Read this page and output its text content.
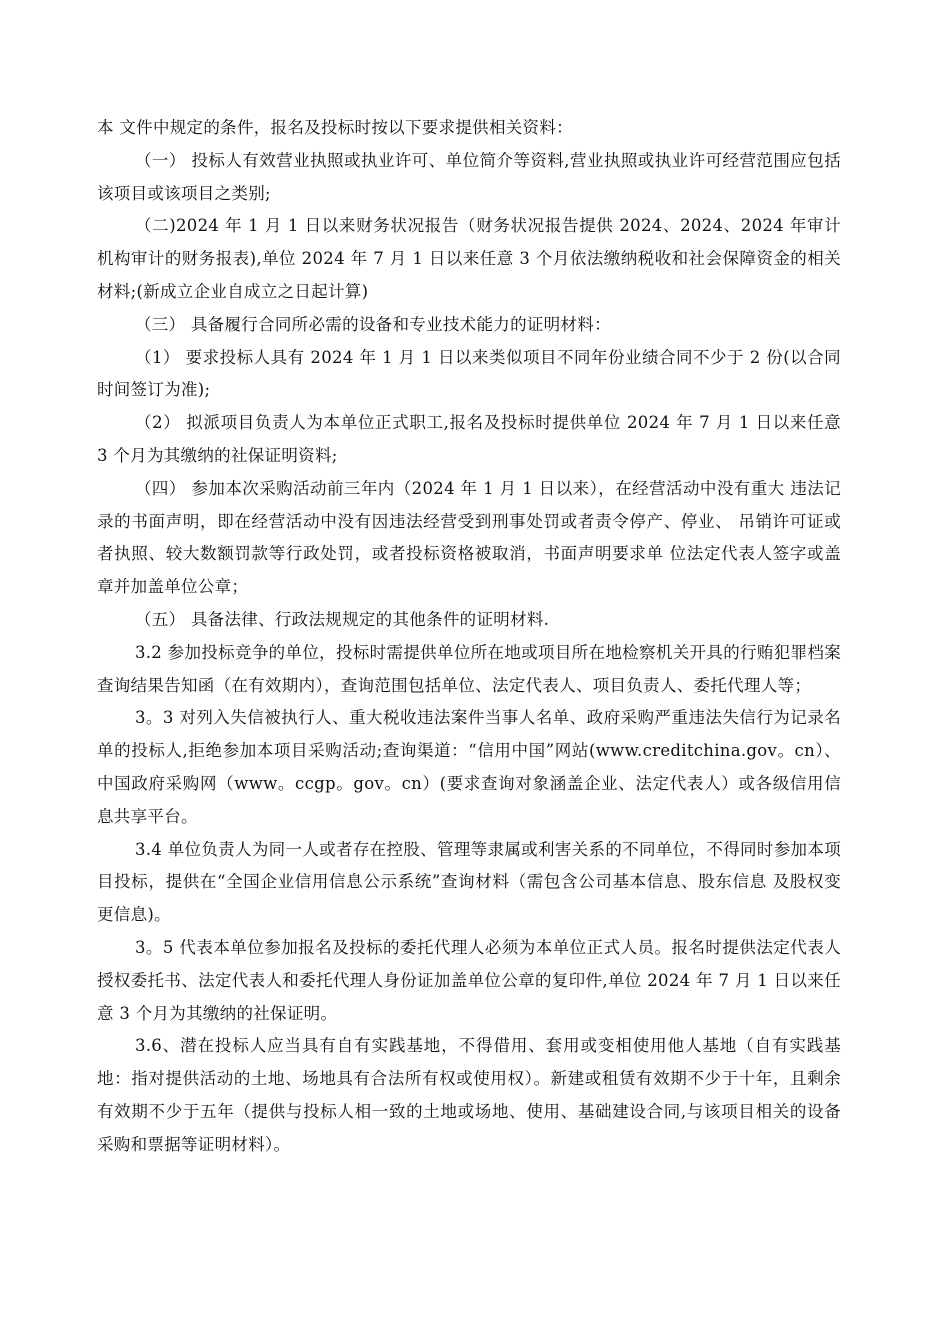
本 文件中规定的条件，报名及投标时按以下要求提供相关资料：

（一） 投标人有效营业执照或执业许可、单位简介等资料,营业执照或执业许可经营范围应包括该项目或该项目之类别;

（二)2024 年 1 月 1 日以来财务状况报告（财务状况报告提供 2024、2024、2024 年审计机构审计的财务报表),单位 2024 年 7 月 1 日以来任意 3 个月依法缴纳税收和社会保障资金的相关材料;(新成立企业自成立之日起计算)

（三） 具备履行合同所必需的设备和专业技术能力的证明材料：

（1） 要求投标人具有 2024 年 1 月 1 日以来类似项目不同年份业绩合同不少于 2 份(以合同时间签订为准);

（2） 拟派项目负责人为本单位正式职工,报名及投标时提供单位 2024 年 7 月 1 日以来任意 3 个月为其缴纳的社保证明资料;

（四） 参加本次采购活动前三年内（2024 年 1 月 1 日以来），在经营活动中没有重大 违法记录的书面声明，即在经营活动中没有因违法经营受到刑事处罚或者责令停产、停业、 吊销许可证或者执照、较大数额罚款等行政处罚，或者投标资格被取消，书面声明要求单 位法定代表人签字或盖章并加盖单位公章；

（五） 具备法律、行政法规规定的其他条件的证明材料.

3.2 参加投标竞争的单位，投标时需提供单位所在地或项目所在地检察机关开具的行贿犯罪档案查询结果告知函（在有效期内），查询范围包括单位、法定代表人、项目负责人、委托代理人等；

3。3 对列入失信被执行人、重大税收违法案件当事人名单、政府采购严重违法失信行为记录名单的投标人,拒绝参加本项目采购活动;查询渠道：“信用中国”网站(www.creditchina.gov。cn）、中国政府采购网（www。ccgp。gov。cn）(要求查询对象涵盖企业、法定代表人）或各级信用信息共享平台。

3.4 单位负责人为同一人或者存在控股、管理等隶属或利害关系的不同单位，不得同时参加本项目投标，提供在“全国企业信用信息公示系统”查询材料（需包含公司基本信息、股东信息 及股权变更信息)。

3。5 代表本单位参加报名及投标的委托代理人必须为本单位正式人员。报名时提供法定代表人授权委托书、法定代表人和委托代理人身份证加盖单位公章的复印件,单位 2024 年 7 月 1 日以来任意 3 个月为其缴纳的社保证明。

3.6、潜在投标人应当具有自有实践基地，不得借用、套用或变相使用他人基地（自有实践基地：指对提供活动的土地、场地具有合法所有权或使用权）。新建或租赁有效期不少于十年，且剩余有效期不少于五年（提供与投标人相一致的土地或场地、使用、基础建设合同,与该项目相关的设备采购和票据等证明材料）。
